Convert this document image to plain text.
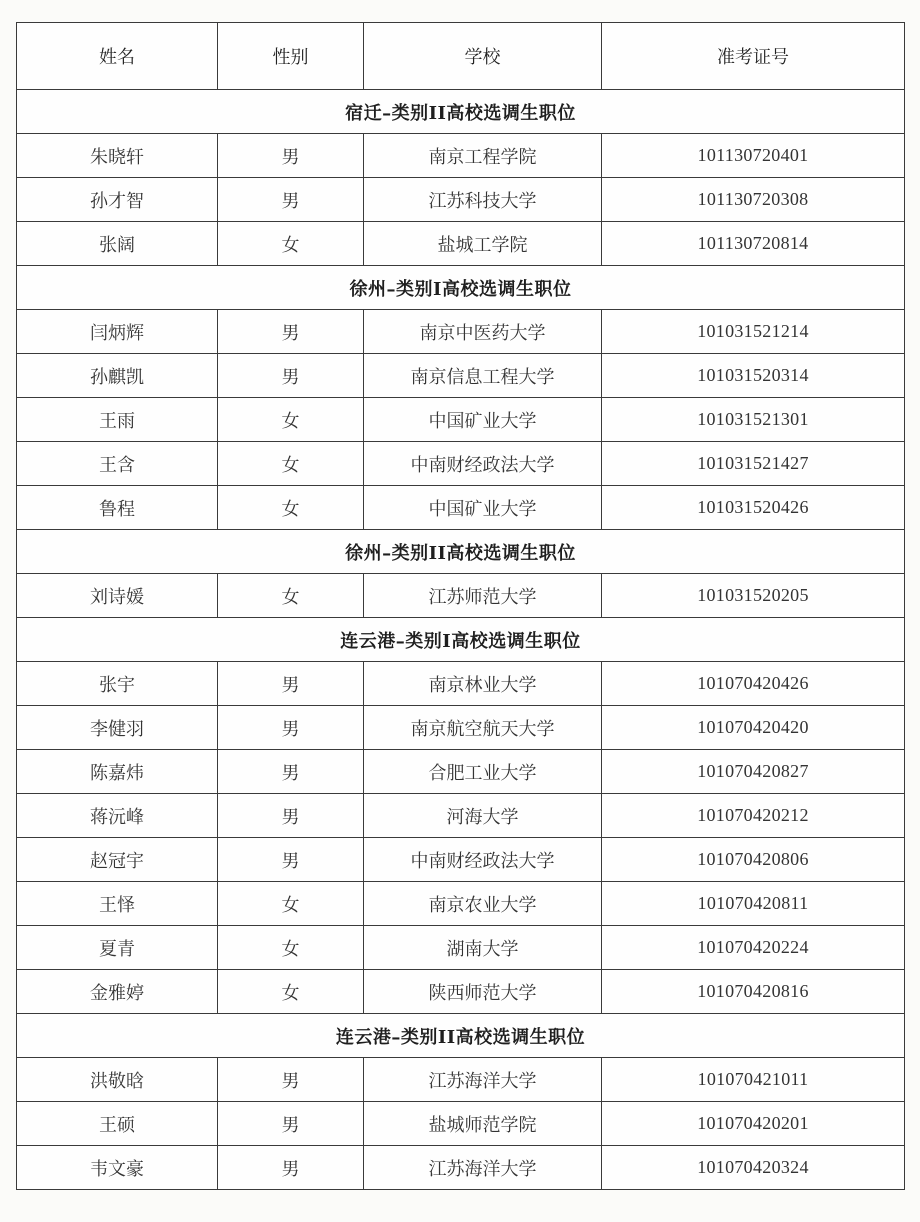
姓名	性别	学校	准考证号
宿迁–类别II高校选调生职位			
朱晓轩	男	南京工程学院	101130720401
孙才智	男	江苏科技大学	101130720308
张阔	女	盐城工学院	101130720814
徐州–类别I高校选调生职位			
闫炳辉	男	南京中医药大学	101031521214
孙麒凯	男	南京信息工程大学	101031520314
王雨	女	中国矿业大学	101031521301
王含	女	中南财经政法大学	101031521427
鲁程	女	中国矿业大学	101031520426
徐州–类别II高校选调生职位			
刘诗媛	女	江苏师范大学	101031520205
连云港–类别I高校选调生职位			
张宇	男	南京林业大学	101070420426
李健羽	男	南京航空航天大学	101070420420
陈嘉炜	男	合肥工业大学	101070420827
蒋沅峰	男	河海大学	101070420212
赵冠宇	男	中南财经政法大学	101070420806
王怿	女	南京农业大学	101070420811
夏青	女	湖南大学	101070420224
金雅婷	女	陕西师范大学	101070420816
连云港–类别II高校选调生职位			
洪敬晗	男	江苏海洋大学	101070421011
王硕	男	盐城师范学院	101070420201
韦文豪	男	江苏海洋大学	101070420324
